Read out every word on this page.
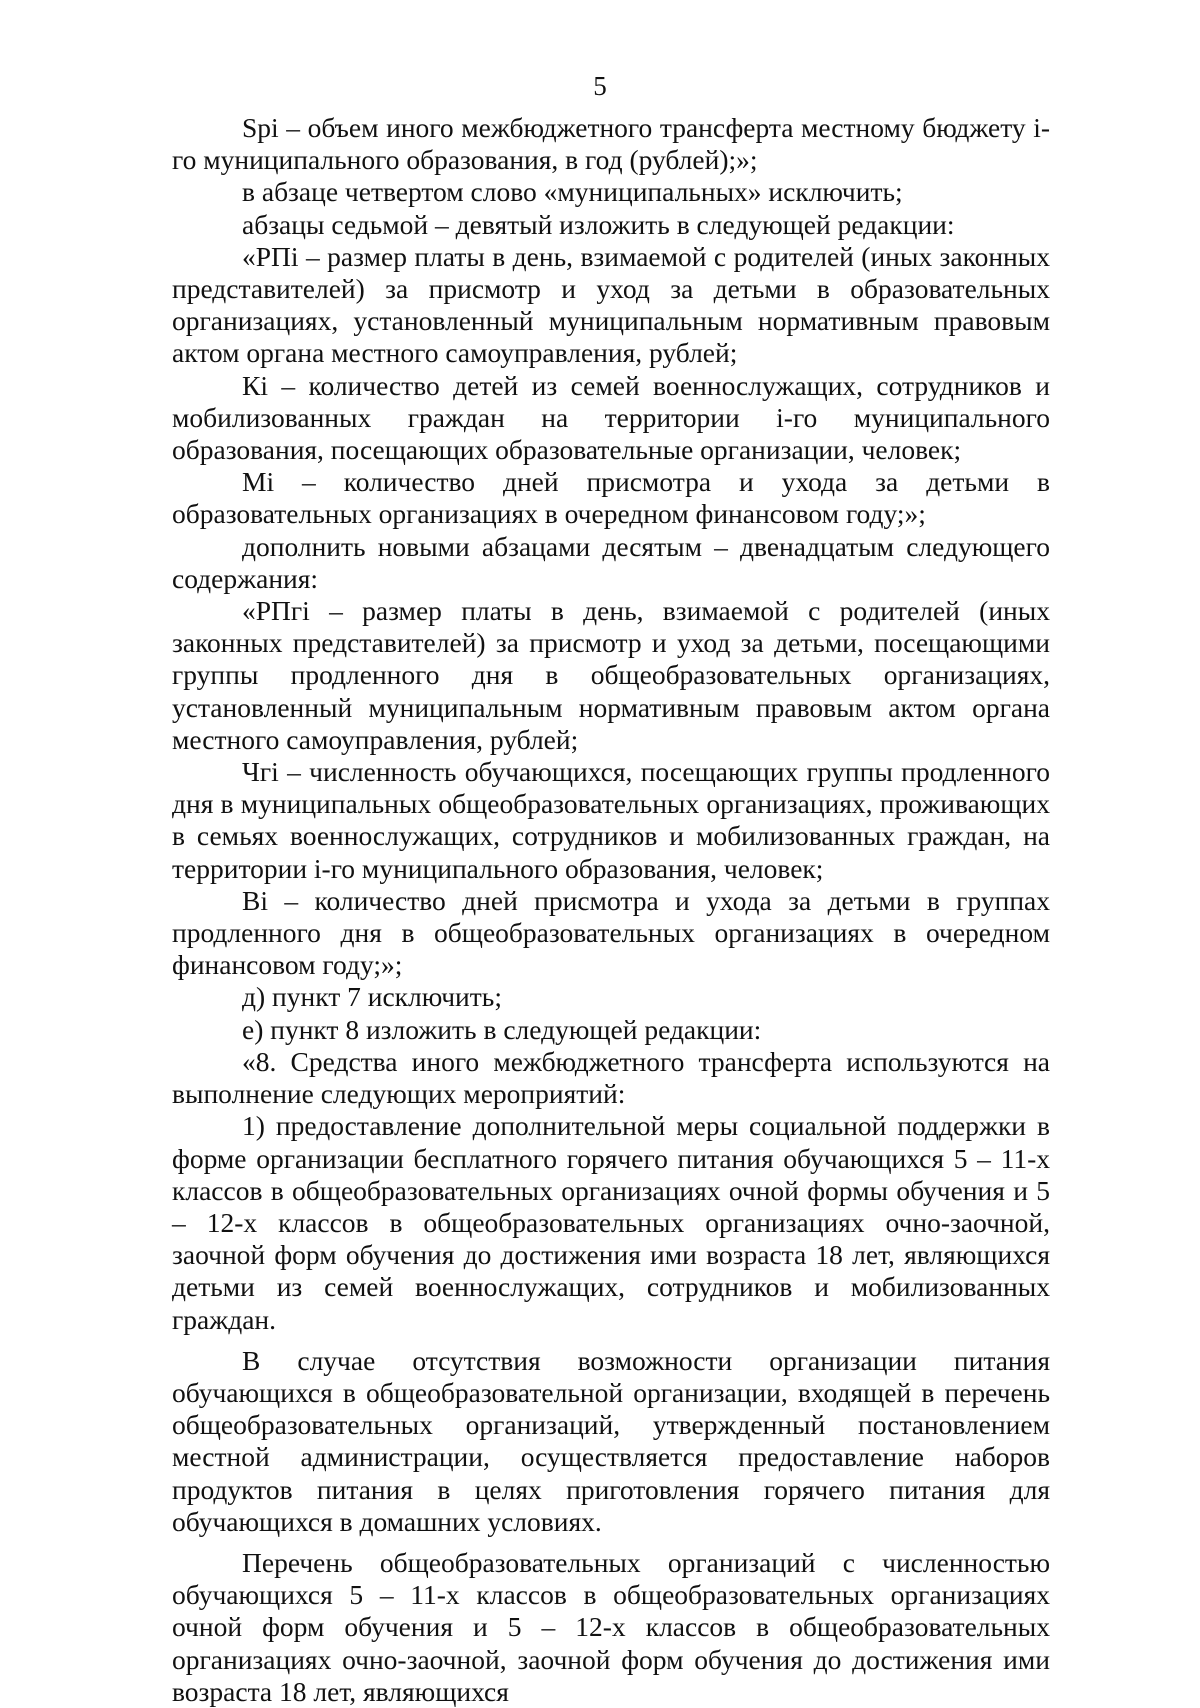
5

Spi – объем иного межбюджетного трансферта местному бюджету i-го муниципального образования, в год (рублей);»;

в абзаце четвертом слово «муниципальных» исключить;

абзацы седьмой – девятый изложить в следующей редакции:

«РПi – размер платы в день, взимаемой с родителей (иных законных представителей) за присмотр и уход за детьми в образовательных организациях, установленный муниципальным нормативным правовым актом органа местного самоуправления, рублей;

Кi – количество детей из семей военнослужащих, сотрудников и мобилизованных граждан на территории i-го муниципального образования, посещающих образовательные организации, человек;

Мi – количество дней присмотра и ухода за детьми в образовательных организациях в очередном финансовом году;»;

дополнить новыми абзацами десятым – двенадцатым следующего содержания:

«РПгi – размер платы в день, взимаемой с родителей (иных законных представителей) за присмотр и уход за детьми, посещающими группы продленного дня в общеобразовательных организациях, установленный муниципальным нормативным правовым актом органа местного самоуправления, рублей;

Чгi – численность обучающихся, посещающих группы продленного дня в муниципальных общеобразовательных организациях, проживающих в семьях военнослужащих, сотрудников и мобилизованных граждан, на территории i-го муниципального образования, человек;

Вi – количество дней присмотра и ухода за детьми в группах продленного дня в общеобразовательных организациях в очередном финансовом году;»;

д) пункт 7 исключить;

е) пункт 8 изложить в следующей редакции:

«8. Средства иного межбюджетного трансферта используются на выполнение следующих мероприятий:

1) предоставление дополнительной меры социальной поддержки в форме организации бесплатного горячего питания обучающихся 5 – 11-х классов в общеобразовательных организациях очной формы обучения и 5 – 12-х классов в общеобразовательных организациях очно-заочной, заочной форм обучения до достижения ими возраста 18 лет, являющихся детьми из семей военнослужащих, сотрудников и мобилизованных граждан.

В случае отсутствия возможности организации питания обучающихся в общеобразовательной организации, входящей в перечень общеобразовательных организаций, утвержденный постановлением местной администрации, осуществляется предоставление наборов продуктов питания в целях приготовления горячего питания для обучающихся в домашних условиях.

Перечень общеобразовательных организаций с численностью обучающихся 5 – 11-х классов в общеобразовательных организациях очной форм обучения и 5 – 12-х классов в общеобразовательных организациях очно-заочной, заочной форм обучения до достижения ими возраста 18 лет, являющихся
